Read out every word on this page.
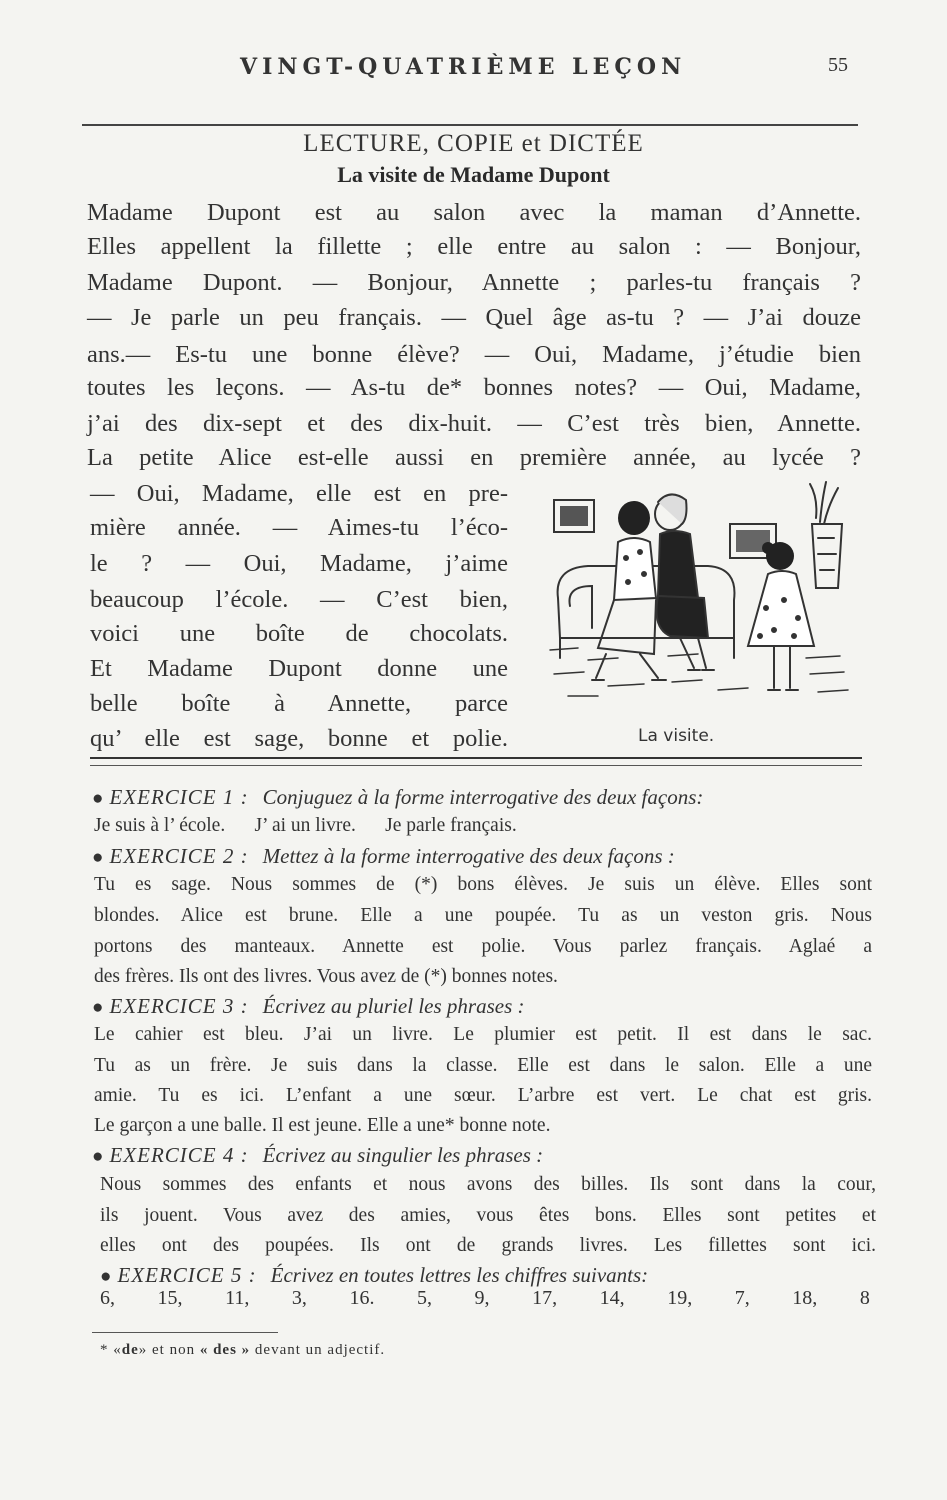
VINGT-QUATRIÈME LEÇON	55
LECTURE, COPIE et DICTÉE
La visite de Madame Dupont
Madame Dupont est au salon avec la maman d’Annette.
Elles appellent la fillette ; elle entre au salon : — Bonjour,
Madame Dupont. — Bonjour, Annette ; parles-tu français ?
— Je parle un peu français. — Quel âge as-tu ? — J’ai douze
ans.— Es-tu une bonne élève? — Oui, Madame, j’étudie bien
toutes les leçons. — As-tu de* bonnes notes? — Oui, Madame,
j’ai des dix-sept et des dix-huit. — C’est très bien, Annette.
La petite Alice est-elle aussi en première année, au lycée ?
— Oui, Madame, elle est en pre-
mière année. — Aimes-tu l’éco-
le ? — Oui, Madame, j’aime
beaucoup l’école. — C’est bien,
voici une boîte de chocolats.
Et Madame Dupont donne une
belle boîte à Annette, parce
qu’ elle est sage, bonne et polie.	La visite.
● EXERCICE 1 : Conjuguez à la forme interrogative des deux façons:
Je suis à l’ école.      J’ ai un livre.      Je parle français.
● EXERCICE 2 : Mettez à la forme interrogative des deux façons :
Tu es sage. Nous sommes de (*) bons élèves. Je suis un élève. Elles sont
blondes. Alice est brune. Elle a une poupée. Tu as un veston gris. Nous
portons des manteaux. Annette est polie. Vous parlez français. Aglaé a
des frères. Ils ont des livres. Vous avez de (*) bonnes notes.
● EXERCICE 3 : Écrivez au pluriel les phrases :
Le cahier est bleu. J’ai un livre. Le plumier est petit. Il est dans le sac.
Tu as un frère. Je suis dans la classe. Elle est dans le salon. Elle a une
amie. Tu es ici. L’enfant a une sœur. L’arbre est vert. Le chat est gris.
Le garçon a une balle. Il est jeune. Elle a une* bonne note.
● EXERCICE 4 : Écrivez au singulier les phrases :
Nous sommes des enfants et nous avons des billes. Ils sont dans la cour,
ils jouent. Vous avez des amies, vous êtes bons. Elles sont petites et
elles ont des poupées. Ils ont de grands livres. Les fillettes sont ici.
● EXERCICE 5 : Écrivez en toutes lettres les chiffres suivants:
6, 15, 11, 3, 16. 5, 9, 17, 14, 19, 7, 18, 8
* «de» et non « des » devant un adjectif.
